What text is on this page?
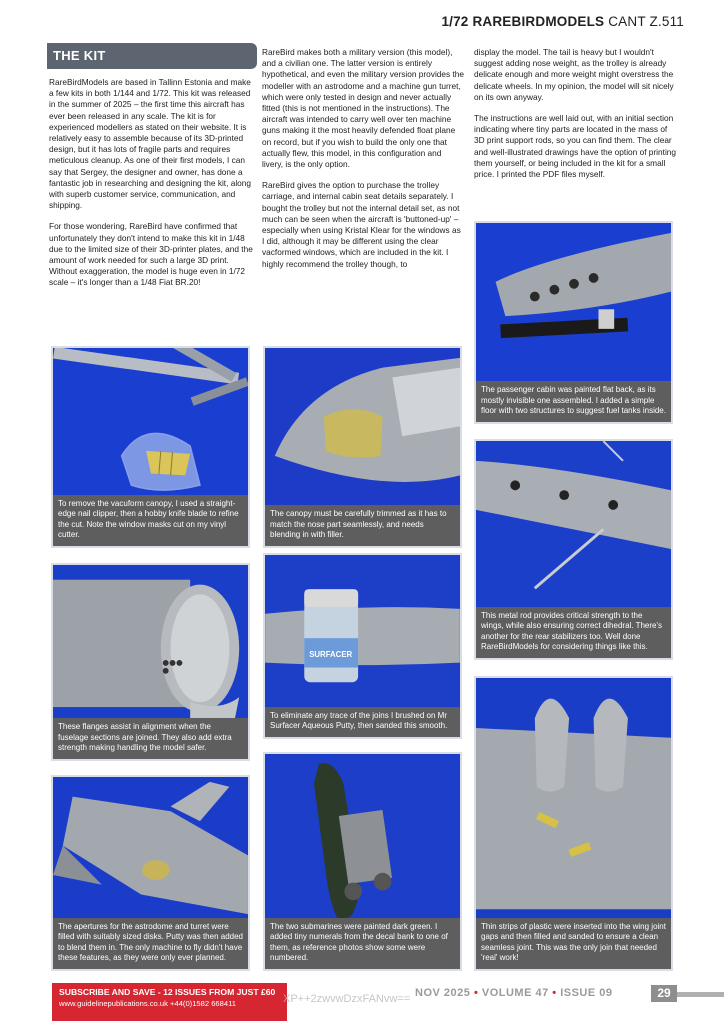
1/72 RAREBIRDMODELS CANT Z.511
THE KIT

RareBirdModels are based in Tallinn Estonia and make a few kits in both 1/144 and 1/72. This kit was released in the summer of 2025 – the first time this aircraft has ever been released in any scale. The kit is for experienced modellers as stated on their website. It is relatively easy to assemble because of its 3D-printed design, but it has lots of fragile parts and requires meticulous cleanup. As one of their first models, I can say that Sergey, the designer and owner, has done a fantastic job in researching and designing the kit, along with superb customer service, communication, and shipping.

For those wondering, RareBird have confirmed that unfortunately they don't intend to make this kit in 1/48 due to the limited size of their 3D-printer plates, and the amount of work needed for such a large 3D print. Without exaggeration, the model is huge even in 1/72 scale – it's longer than a 1/48 Fiat BR.20!

RareBird makes both a military version (this model), and a civilian one. The latter version is entirely hypothetical, and even the military version provides the modeller with an astrodome and a machine gun turret, which were only tested in design and never actually fitted (this is not mentioned in the instructions). The aircraft was intended to carry well over ten machine guns making it the most heavily defended float plane on record, but if you wish to build the only one that actually flew, this model, in this configuration and livery, is the only option.

RareBird gives the option to purchase the trolley carriage, and internal cabin seat details separately. I bought the trolley but not the internal detail set, as not much can be seen when the aircraft is 'buttoned-up' – especially when using Kristal Klear for the windows as I did, although it may be different using the clear vacformed windows, which are included in the kit. I highly recommend the trolley though, to

display the model. The tail is heavy but I wouldn't suggest adding nose weight, as the trolley is already delicate enough and more weight might overstress the delicate wheels. In my opinion, the model will sit nicely on its own anyway.

The instructions are well laid out, with an initial section indicating where tiny parts are located in the mass of 3D print support rods, so you can find them. The clear and well-illustrated drawings have the option of printing them yourself, or being included in the kit for a small price. I printed the PDF files myself.

To remove the vacuform canopy, I used a straight-edge nail clipper, then a hobby knife blade to refine the cut. Note the window masks cut on my vinyl cutter.
The canopy must be carefully trimmed as it has to match the nose part seamlessly, and needs blending in with filler.
The passenger cabin was painted flat back, as its mostly invisible one assembled. I added a simple floor with two structures to suggest fuel tanks inside.
This metal rod provides critical strength to the wings, while also ensuring correct dihedral. There's another for the rear stabilizers too. Well done RareBirdModels for considering things like this.
These flanges assist in alignment when the fuselage sections are joined. They also add extra strength making handling the model safer.
SURFACER
To eliminate any trace of the joins I brushed on Mr Surfacer Aqueous Putty, then sanded this smooth.
The apertures for the astrodome and turret were filled with suitably sized disks. Putty was then added to blend them in. The only machine to fly didn't have these features, as they were only ever planned.
The two submarines were painted dark green. I added tiny numerals from the decal bank to one of them, as reference photos show some were numbered.
Thin strips of plastic were inserted into the wing joint gaps and then filled and sanded to ensure a clean seamless joint. This was the only join that needed 'real' work!
SUBSCRIBE AND SAVE - 12 ISSUES FROM JUST £60
www.guidelinepublications.co.uk +44(0)1582 668411	XP++2zwvwDzxFANvw== NOV 2025 • VOLUME 47 • ISSUE 09	29
